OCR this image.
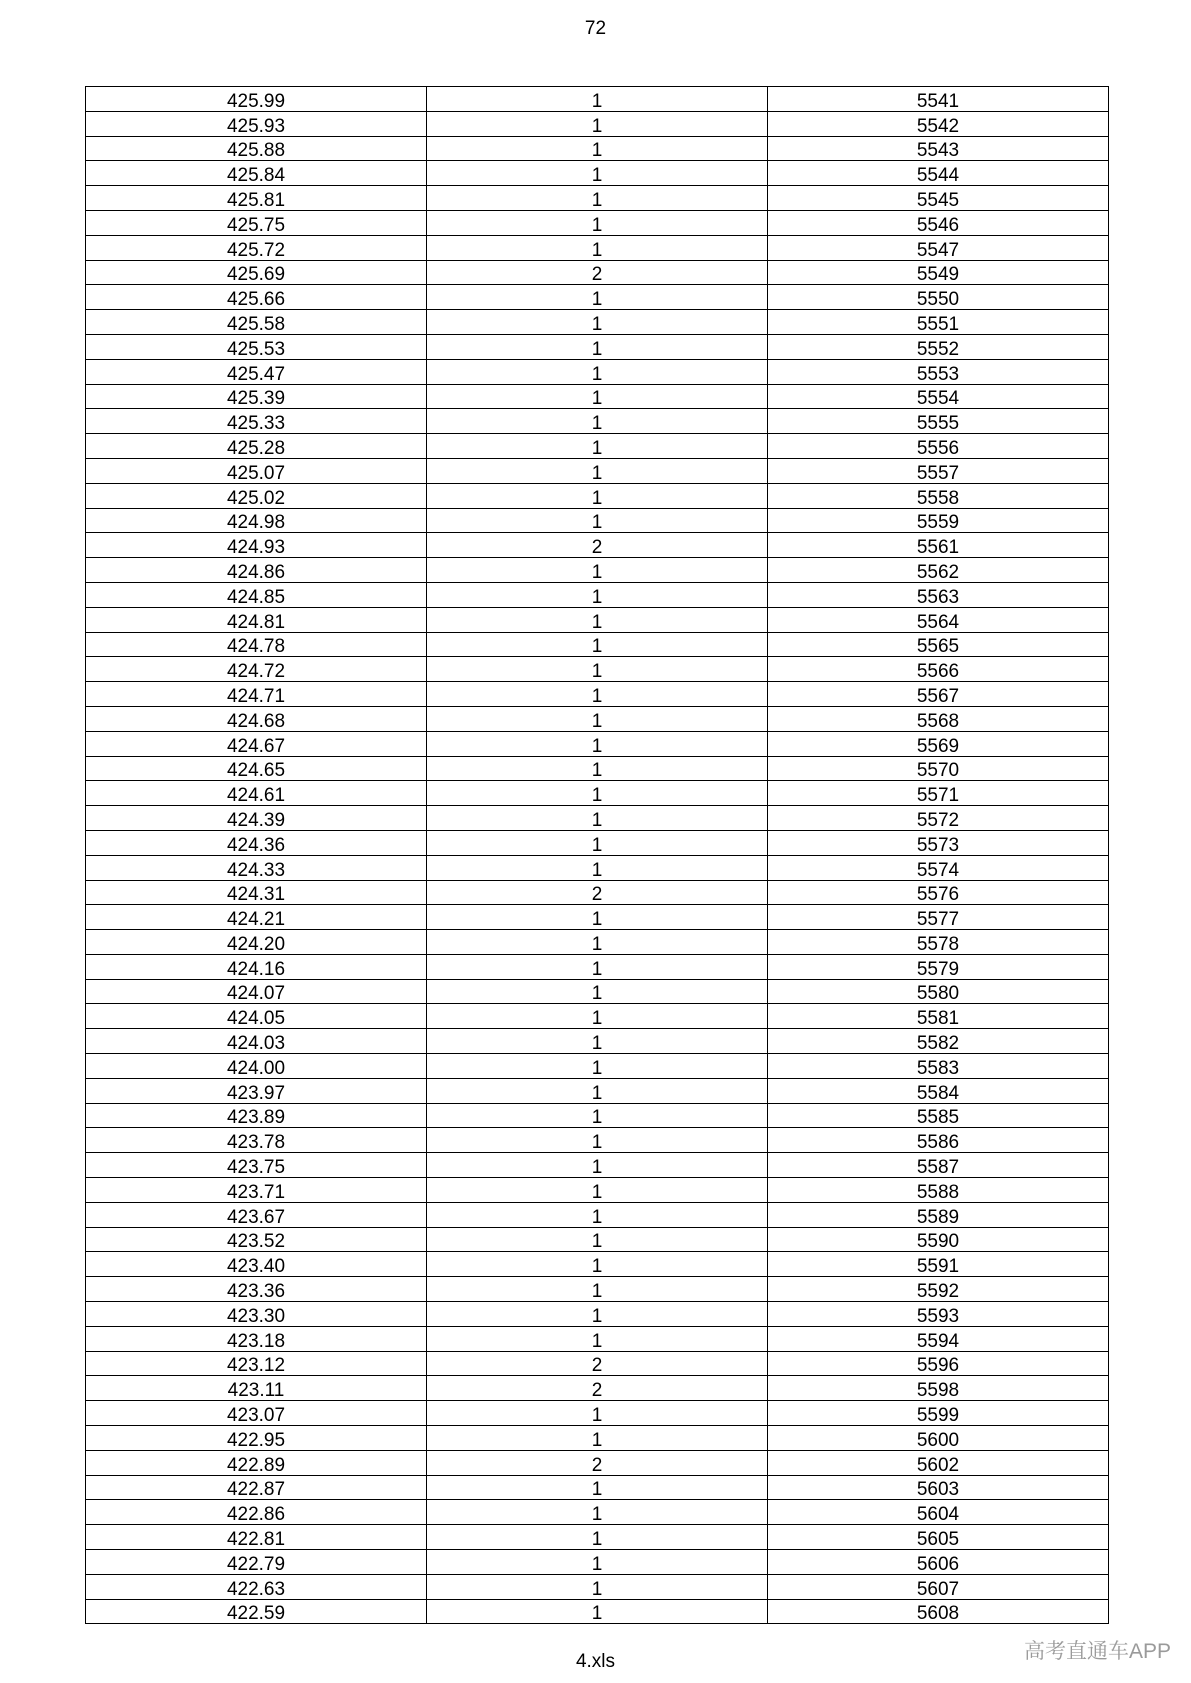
72
425.99	1	5541
425.93	1	5542
425.88	1	5543
425.84	1	5544
425.81	1	5545
425.75	1	5546
425.72	1	5547
425.69	2	5549
425.66	1	5550
425.58	1	5551
425.53	1	5552
425.47	1	5553
425.39	1	5554
425.33	1	5555
425.28	1	5556
425.07	1	5557
425.02	1	5558
424.98	1	5559
424.93	2	5561
424.86	1	5562
424.85	1	5563
424.81	1	5564
424.78	1	5565
424.72	1	5566
424.71	1	5567
424.68	1	5568
424.67	1	5569
424.65	1	5570
424.61	1	5571
424.39	1	5572
424.36	1	5573
424.33	1	5574
424.31	2	5576
424.21	1	5577
424.20	1	5578
424.16	1	5579
424.07	1	5580
424.05	1	5581
424.03	1	5582
424.00	1	5583
423.97	1	5584
423.89	1	5585
423.78	1	5586
423.75	1	5587
423.71	1	5588
423.67	1	5589
423.52	1	5590
423.40	1	5591
423.36	1	5592
423.30	1	5593
423.18	1	5594
423.12	2	5596
423.11	2	5598
423.07	1	5599
422.95	1	5600
422.89	2	5602
422.87	1	5603
422.86	1	5604
422.81	1	5605
422.79	1	5606
422.63	1	5607
422.59	1	5608
4.xls	高考直通车APP
